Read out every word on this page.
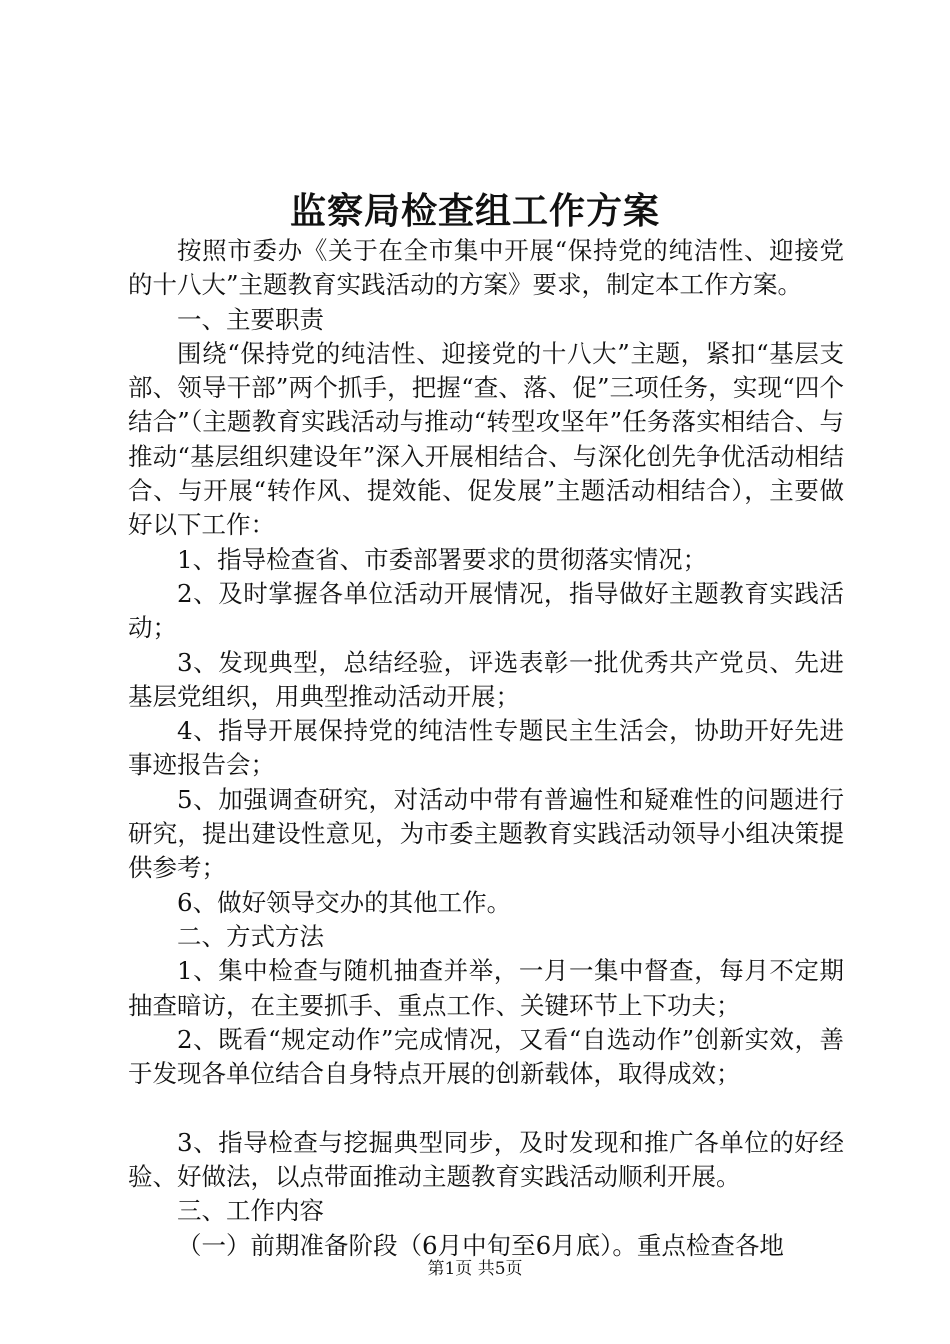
监察局检查组工作方案

按照市委办《关于在全市集中开展“保持党的纯洁性、迎接党的十八大”主题教育实践活动的方案》要求，制定本工作方案。

一、主要职责

围绕“保持党的纯洁性、迎接党的十八大”主题，紧扣“基层支部、领导干部”两个抓手，把握“查、落、促”三项任务，实现“四个结合”（主题教育实践活动与推动“转型攻坚年”任务落实相结合、与推动“基层组织建设年”深入开展相结合、与深化创先争优活动相结合、与开展“转作风、提效能、促发展”主题活动相结合），主要做好以下工作：

1、指导检查省、市委部署要求的贯彻落实情况；

2、及时掌握各单位活动开展情况，指导做好主题教育实践活动；

3、发现典型，总结经验，评选表彰一批优秀共产党员、先进基层党组织，用典型推动活动开展；

4、指导开展保持党的纯洁性专题民主生活会，协助开好先进事迹报告会；

5、加强调查研究，对活动中带有普遍性和疑难性的问题进行研究，提出建设性意见，为市委主题教育实践活动领导小组决策提供参考；

6、做好领导交办的其他工作。

二、方式方法

1、集中检查与随机抽查并举，一月一集中督查，每月不定期抽查暗访，在主要抓手、重点工作、关键环节上下功夫；

2、既看“规定动作”完成情况，又看“自选动作”创新实效，善于发现各单位结合自身特点开展的创新载体，取得成效；

3、指导检查与挖掘典型同步，及时发现和推广各单位的好经验、好做法，以点带面推动主题教育实践活动顺利开展。

三、工作内容

（一）前期准备阶段（6月中旬至6月底）。重点检查各地

第1页 共5页
